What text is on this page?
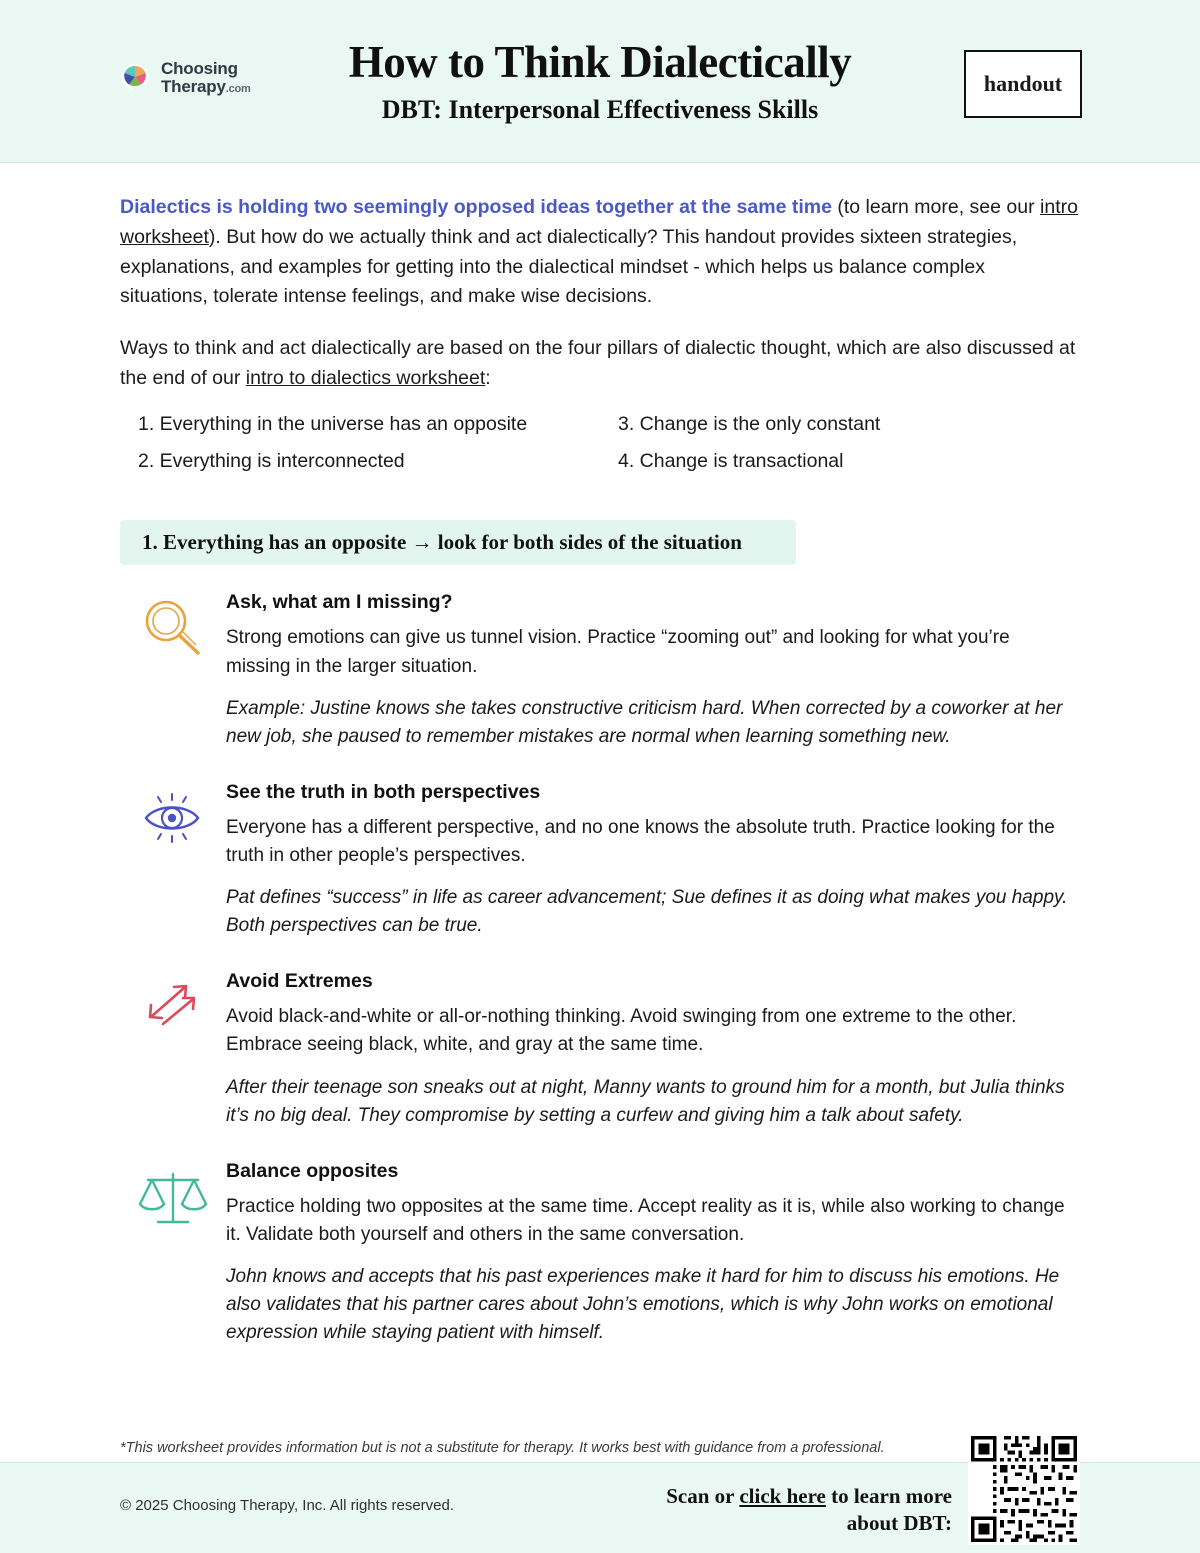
Choosing
Therapy.com
How to Think Dialectically
DBT: Interpersonal Effectiveness Skills
handout

Dialectics is holding two seemingly opposed ideas together at the same time (to learn more, see our intro worksheet). But how do we actually think and act dialectically? This handout provides sixteen strategies, explanations, and examples for getting into the dialectical mindset - which helps us balance complex situations, tolerate intense feelings, and make wise decisions.

Ways to think and act dialectically are based on the four pillars of dialectic thought, which are also discussed at the end of our intro to dialectics worksheet:

1. Everything in the universe has an opposite	3. Change is the only constant
2. Everything is interconnected	4. Change is transactional
1. Everything has an opposite → look for both sides of the situation
Ask, what am I missing?

Strong emotions can give us tunnel vision. Practice “zooming out” and looking for what you’re missing in the larger situation.

Example: Justine knows she takes constructive criticism hard. When corrected by a coworker at her new job, she paused to remember mistakes are normal when learning something new.

See the truth in both perspectives

Everyone has a different perspective, and no one knows the absolute truth. Practice looking for the truth in other people’s perspectives.

Pat defines “success” in life as career advancement; Sue defines it as doing what makes you happy. Both perspectives can be true.

Avoid Extremes

Avoid black-and-white or all-or-nothing thinking. Avoid swinging from one extreme to the other. Embrace seeing black, white, and gray at the same time.

After their teenage son sneaks out at night, Manny wants to ground him for a month, but Julia thinks it’s no big deal. They compromise by setting a curfew and giving him a talk about safety.

Balance opposites

Practice holding two opposites at the same time. Accept reality as it is, while also working to change it. Validate both yourself and others in the same conversation.

John knows and accepts that his past experiences make it hard for him to discuss his emotions. He also validates that his partner cares about John’s emotions, which is why John works on emotional expression while staying patient with himself.

*This worksheet provides information but is not a substitute for therapy. It works best with guidance from a professional.
© 2025 Choosing Therapy, Inc. All rights reserved.	Scan or click here to learn more
about DBT:
